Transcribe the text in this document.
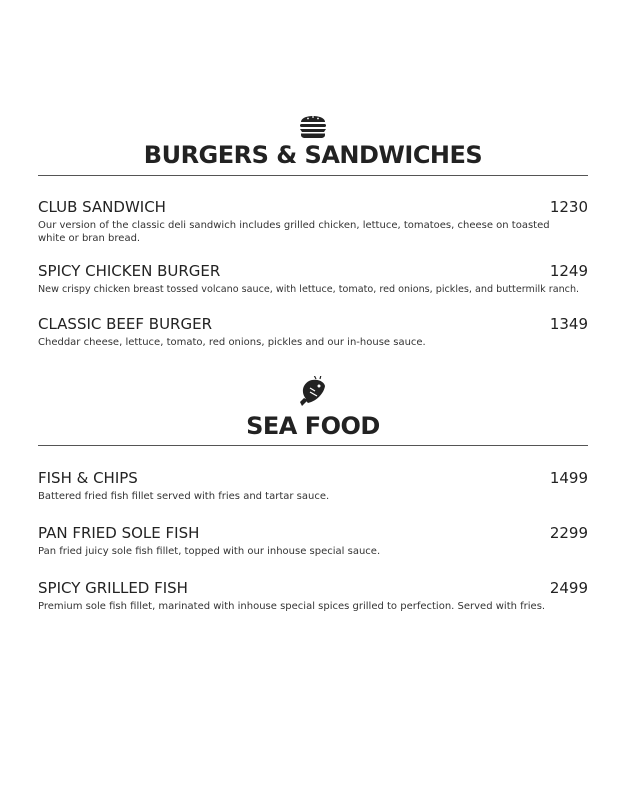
BURGERS & SANDWICHES
CLUB SANDWICH	1230
Our version of the classic deli sandwich includes grilled chicken, lettuce, tomatoes, cheese on toasted white or bran bread.
SPICY CHICKEN BURGER	1249
New crispy chicken breast tossed volcano sauce, with lettuce, tomato, red onions, pickles, and buttermilk ranch.
CLASSIC BEEF BURGER	1349
Cheddar cheese, lettuce, tomato, red onions, pickles and our in-house sauce.
SEA FOOD
FISH & CHIPS	1499
Battered fried fish fillet served with fries and tartar sauce.
PAN FRIED SOLE FISH	2299
Pan fried juicy sole fish fillet, topped with our inhouse special sauce.
SPICY GRILLED FISH	2499
Premium sole fish fillet, marinated with inhouse special spices grilled to perfection. Served with fries.
